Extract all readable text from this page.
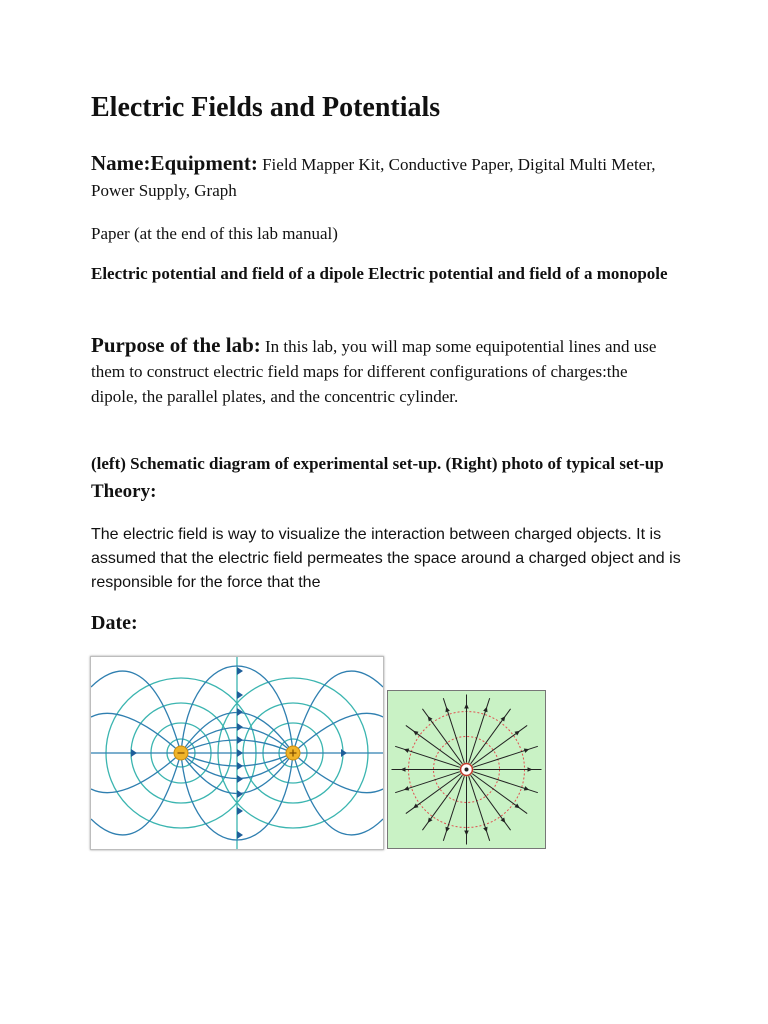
Electric Fields and Potentials

Name:Equipment: Field Mapper Kit, Conductive Paper, Digital Multi Meter, Power Supply, Graph

Paper (at the end of this lab manual)

Electric potential and field of a dipole Electric potential and field of a monopole

Purpose of the lab: In this lab, you will map some equipotential lines and use them to construct electric field maps for different configurations of charges:the dipole, the parallel plates, and the concentric cylinder.

(left) Schematic diagram of experimental set-up. (Right) photo of typical set-up Theory:

The electric field is way to visualize the interaction between charged objects. It is assumed that the electric field permeates the space around a charged object and is responsible for the force that the

Date:
